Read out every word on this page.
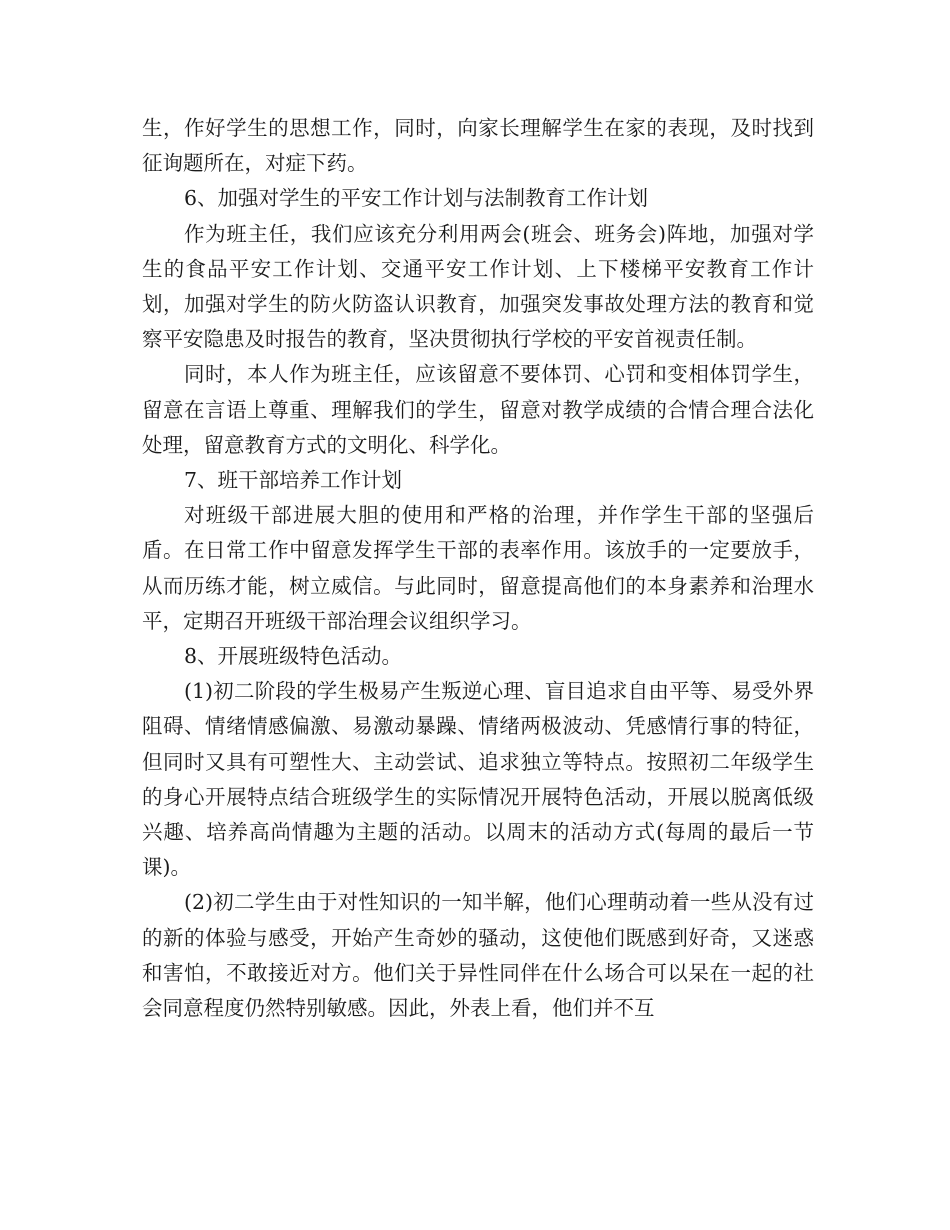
生，作好学生的思想工作，同时，向家长理解学生在家的表现，及时找到征询题所在，对症下药。

6、加强对学生的平安工作计划与法制教育工作计划

作为班主任，我们应该充分利用两会(班会、班务会)阵地，加强对学生的食品平安工作计划、交通平安工作计划、上下楼梯平安教育工作计划，加强对学生的防火防盗认识教育，加强突发事故处理方法的教育和觉察平安隐患及时报告的教育，坚决贯彻执行学校的平安首视责任制。

同时，本人作为班主任，应该留意不要体罚、心罚和变相体罚学生，留意在言语上尊重、理解我们的学生，留意对教学成绩的合情合理合法化处理，留意教育方式的文明化、科学化。

7、班干部培养工作计划

对班级干部进展大胆的使用和严格的治理，并作学生干部的坚强后盾。在日常工作中留意发挥学生干部的表率作用。该放手的一定要放手，从而历练才能，树立威信。与此同时，留意提高他们的本身素养和治理水平，定期召开班级干部治理会议组织学习。

8、开展班级特色活动。

(1)初二阶段的学生极易产生叛逆心理、盲目追求自由平等、易受外界阻碍、情绪情感偏激、易激动暴躁、情绪两极波动、凭感情行事的特征，但同时又具有可塑性大、主动尝试、追求独立等特点。按照初二年级学生的身心开展特点结合班级学生的实际情况开展特色活动，开展以脱离低级兴趣、培养高尚情趣为主题的活动。以周末的活动方式(每周的最后一节课)。

(2)初二学生由于对性知识的一知半解，他们心理萌动着一些从没有过的新的体验与感受，开始产生奇妙的骚动，这使他们既感到好奇，又迷惑和害怕，不敢接近对方。他们关于异性同伴在什么场合可以呆在一起的社会同意程度仍然特别敏感。因此，外表上看，他们并不互
